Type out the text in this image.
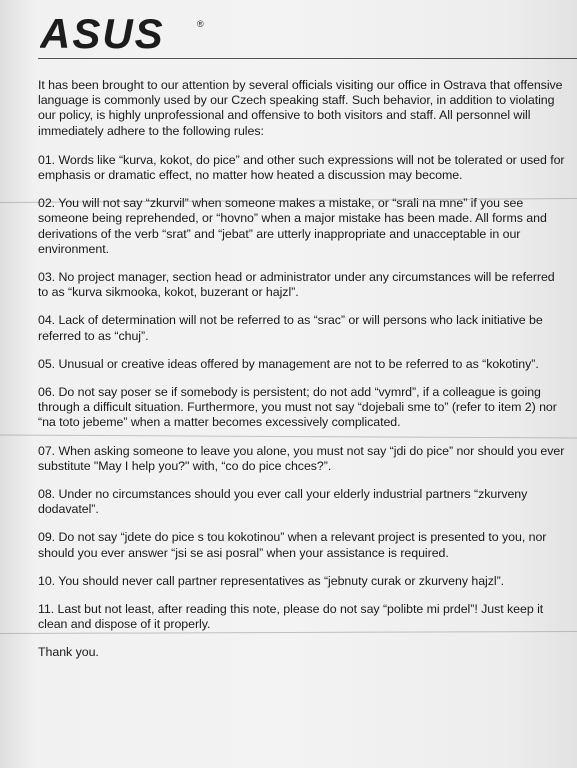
ASUS	®

It has been brought to our attention by several officials visiting our office in Ostrava that offensive language is commonly used by our Czech speaking staff. Such behavior, in addition to violating our policy, is highly unprofessional and offensive to both visitors and staff. All personnel will immediately adhere to the following rules:

01. Words like “kurva, kokot, do pice” and other such expressions will not be tolerated or used for emphasis or dramatic effect, no matter how heated a discussion may become.

02. You will not say “zkurvil” when someone makes a mistake, or “srali na mne” if you see someone being reprehended, or “hovno” when a major mistake has been made. All forms and derivations of the verb “srat” and “jebat” are utterly inappropriate and unacceptable in our environment.

03. No project manager, section head or administrator under any circumstances will be referred to as “kurva sikmooka, kokot, buzerant or hajzl”.

04. Lack of determination will not be referred to as “srac” or will persons who lack initiative be referred to as “chuj”.

05. Unusual or creative ideas offered by management are not to be referred to as “kokotiny”.

06. Do not say poser se if somebody is persistent; do not add “vymrd”, if a colleague is going through a difficult situation. Furthermore, you must not say “dojebali sme to” (refer to item 2) nor “na toto jebeme” when a matter becomes excessively complicated.

07. When asking someone to leave you alone, you must not say “jdi do pice” nor should you ever substitute "May I help you?" with, “co do pice chces?”.

08. Under no circumstances should you ever call your elderly industrial partners “zkurveny dodavatel”.

09. Do not say “jdete do pice s tou kokotinou” when a relevant project is presented to you, nor should you ever answer “jsi se asi posral” when your assistance is required.

10. You should never call partner representatives as “jebnuty curak or zkurveny hajzl”.

11. Last but not least, after reading this note, please do not say “polibte mi prdel”! Just keep it clean and dispose of it properly.

Thank you.
